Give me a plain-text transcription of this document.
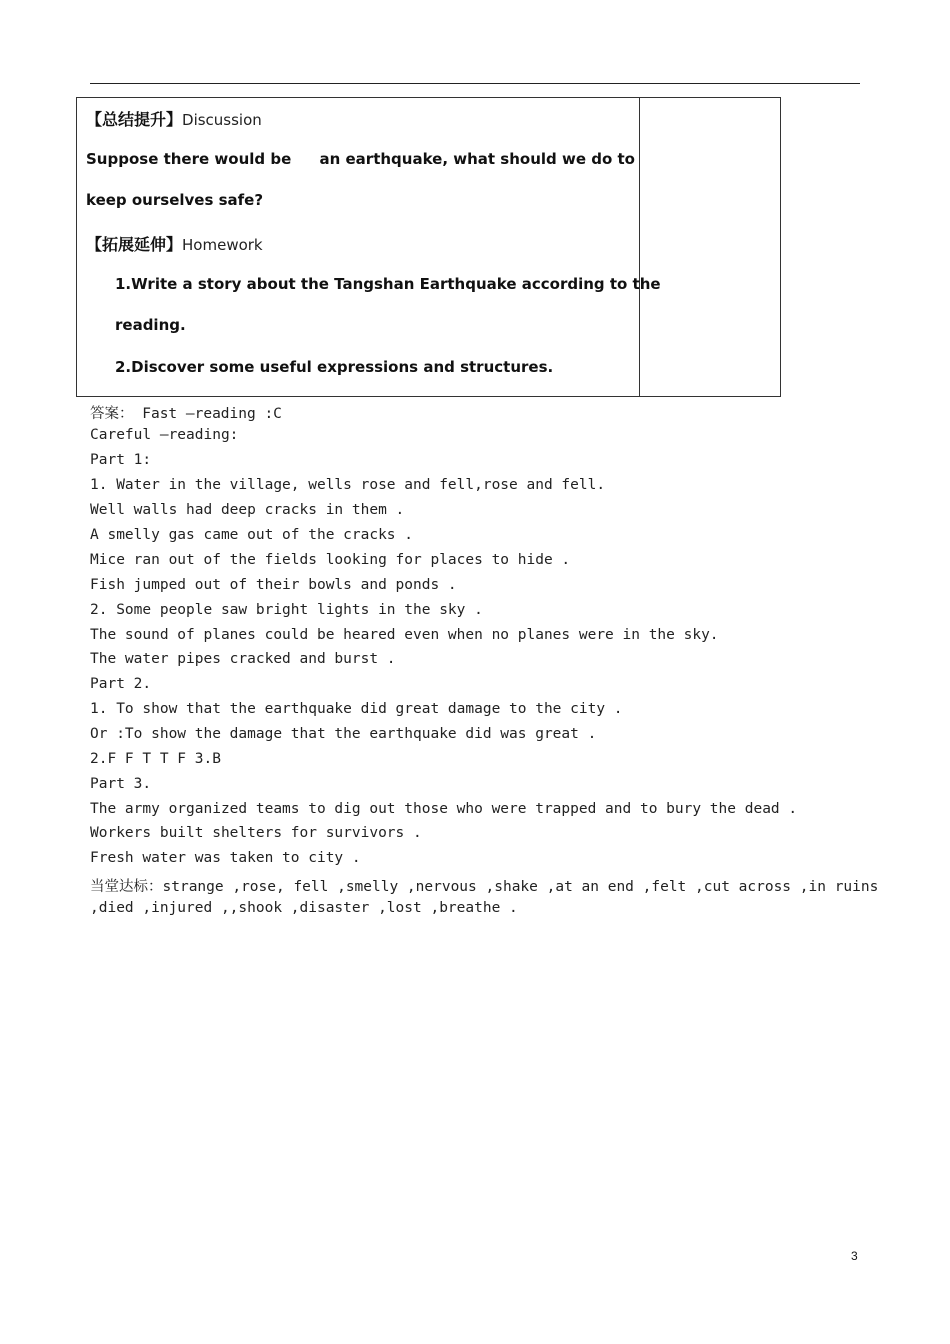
【总结提升】Discussion
Suppose there would be an earthquake, what should we do to
keep ourselves safe?
【拓展延伸】Homework
1.Write a story about the Tangshan Earthquake according to the
reading.
2.Discover some useful expressions and structures.
答案： Fast –reading :C
Careful –reading:
Part 1:
1. Water in the village, wells rose and fell,rose and fell.
Well walls had deep cracks in them .
A smelly gas came out of the cracks .
Mice ran out of the fields looking for places to hide .
Fish jumped out of their bowls and ponds .
2. Some people saw bright lights in the sky .
The sound of planes could be heared even when no planes were in the sky.
The water pipes cracked and burst .
Part 2.
1. To show that the earthquake did great damage to the city .
Or :To show the damage that the earthquake did was great .
2.F F T T F 3.B
Part 3.
The army organized teams to dig out those who were trapped and to bury the dead .
Workers built shelters for survivors .
Fresh water was taken to city .
当堂达标：strange ,rose, fell ,smelly ,nervous ,shake ,at an end ,felt ,cut across ,in ruins
,died ,injured ,,shook ,disaster ,lost ,breathe .
3
